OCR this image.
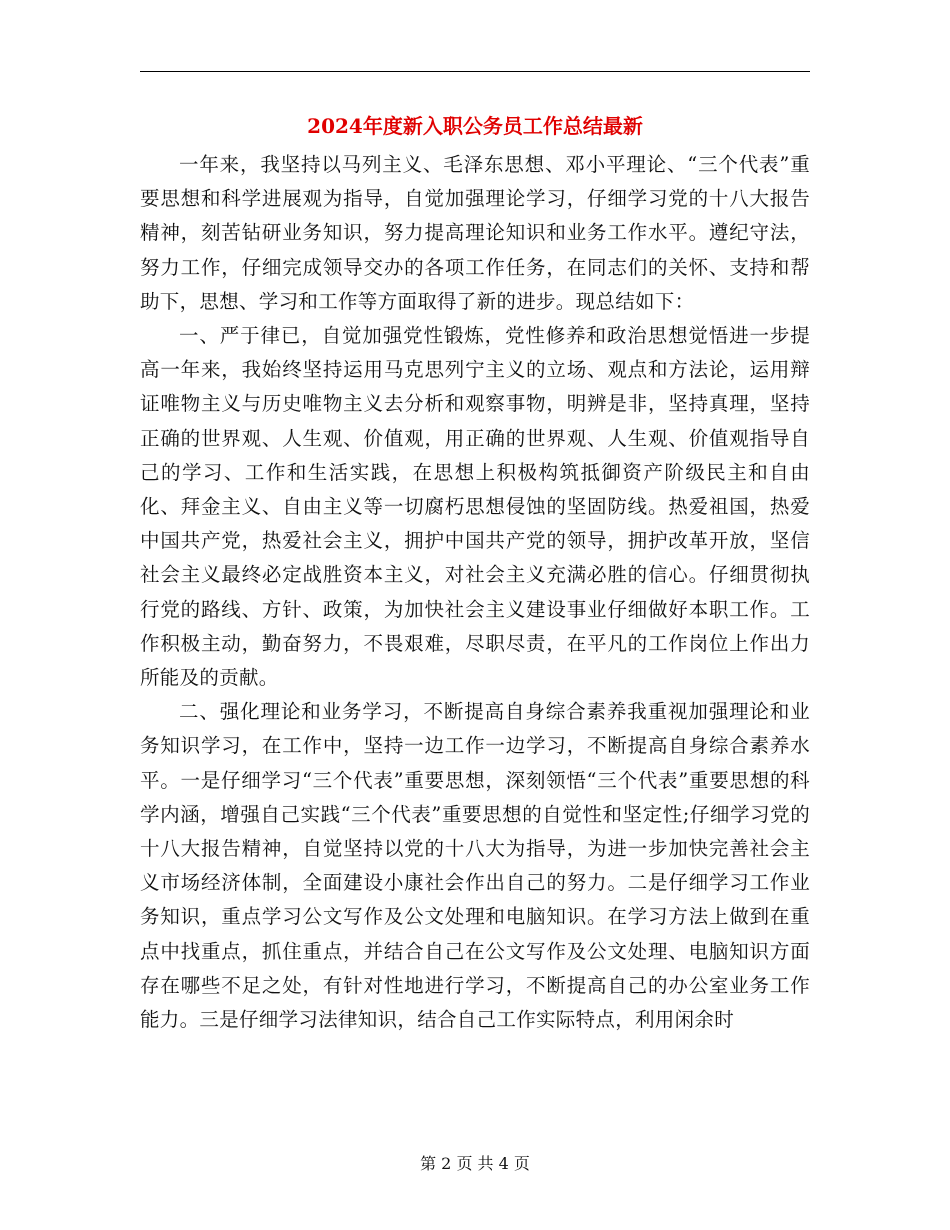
2024年度新入职公务员工作总结最新

一年来，我坚持以马列主义、毛泽东思想、邓小平理论、“三个代表”重要思想和科学进展观为指导，自觉加强理论学习，仔细学习党的十八大报告精神，刻苦钻研业务知识，努力提高理论知识和业务工作水平。遵纪守法，努力工作，仔细完成领导交办的各项工作任务，在同志们的关怀、支持和帮助下，思想、学习和工作等方面取得了新的进步。现总结如下：

一、严于律已，自觉加强党性锻炼，党性修养和政治思想觉悟进一步提高一年来，我始终坚持运用马克思列宁主义的立场、观点和方法论，运用辩证唯物主义与历史唯物主义去分析和观察事物，明辨是非，坚持真理，坚持正确的世界观、人生观、价值观，用正确的世界观、人生观、价值观指导自己的学习、工作和生活实践，在思想上积极构筑抵御资产阶级民主和自由化、拜金主义、自由主义等一切腐朽思想侵蚀的坚固防线。热爱祖国，热爱中国共产党，热爱社会主义，拥护中国共产党的领导，拥护改革开放，坚信社会主义最终必定战胜资本主义，对社会主义充满必胜的信心。仔细贯彻执行党的路线、方针、政策，为加快社会主义建设事业仔细做好本职工作。工作积极主动，勤奋努力，不畏艰难，尽职尽责，在平凡的工作岗位上作出力所能及的贡献。

二、强化理论和业务学习，不断提高自身综合素养我重视加强理论和业务知识学习，在工作中，坚持一边工作一边学习，不断提高自身综合素养水平。一是仔细学习“三个代表”重要思想，深刻领悟“三个代表”重要思想的科学内涵，增强自己实践“三个代表”重要思想的自觉性和坚定性;仔细学习党的十八大报告精神，自觉坚持以党的十八大为指导，为进一步加快完善社会主义市场经济体制，全面建设小康社会作出自己的努力。二是仔细学习工作业务知识，重点学习公文写作及公文处理和电脑知识。在学习方法上做到在重点中找重点，抓住重点，并结合自己在公文写作及公文处理、电脑知识方面存在哪些不足之处，有针对性地进行学习，不断提高自己的办公室业务工作能力。三是仔细学习法律知识，结合自己工作实际特点，利用闲余时

第 2 页 共 4 页
